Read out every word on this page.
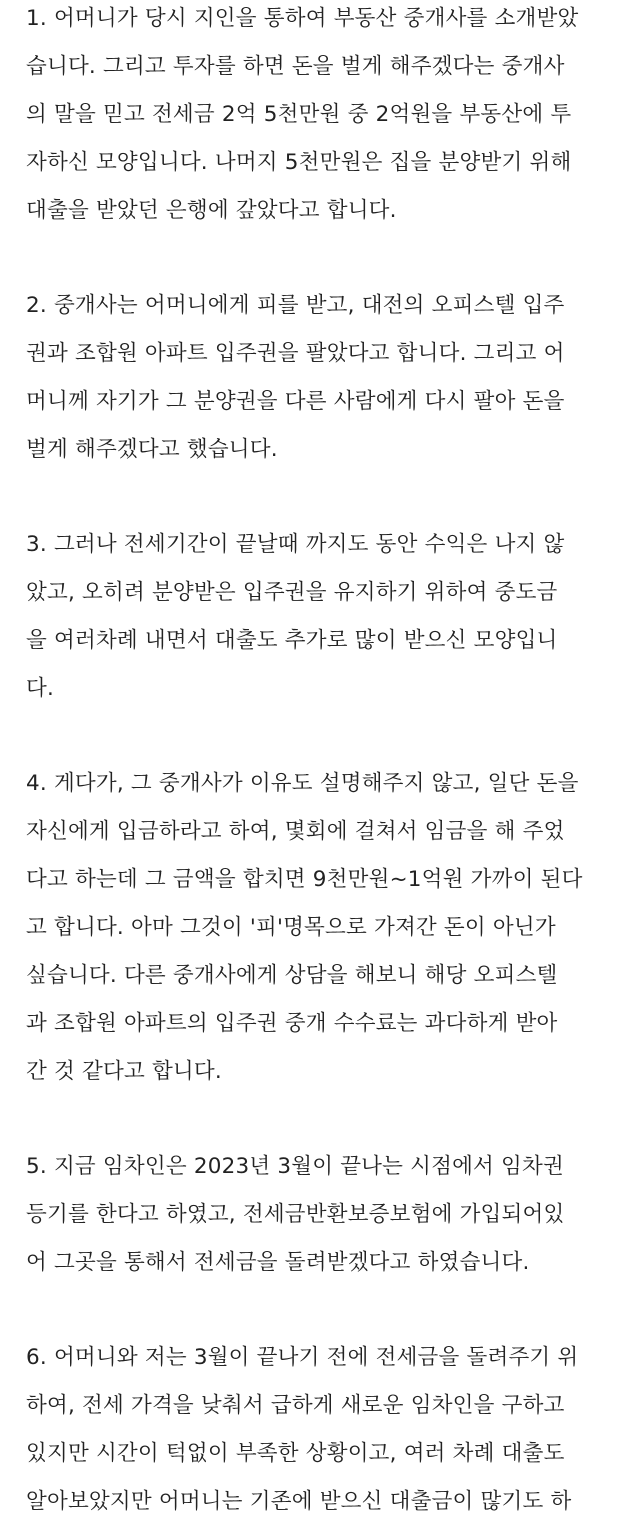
1. 어머니가 당시 지인을 통하여 부동산 중개사를 소개받았
습니다. 그리고 투자를 하면 돈을 벌게 해주겠다는 중개사
의 말을 믿고 전세금 2억 5천만원 중 2억원을 부동산에 투
자하신 모양입니다. 나머지 5천만원은 집을 분양받기 위해
대출을 받았던 은행에 갚았다고 합니다.
2. 중개사는 어머니에게 피를 받고, 대전의 오피스텔 입주
권과 조합원 아파트 입주권을 팔았다고 합니다. 그리고 어
머니께 자기가 그 분양권을 다른 사람에게 다시 팔아 돈을
벌게 해주겠다고 했습니다.
3. 그러나 전세기간이 끝날때 까지도 동안 수익은 나지 않
았고, 오히려 분양받은 입주권을 유지하기 위하여 중도금
을 여러차례 내면서 대출도 추가로 많이 받으신 모양입니
다.
4. 게다가, 그 중개사가 이유도 설명해주지 않고, 일단 돈을
자신에게 입금하라고 하여, 몇회에 걸쳐서 임금을 해 주었
다고 하는데 그 금액을 합치면 9천만원~1억원 가까이 된다
고 합니다. 아마 그것이 '피'명목으로 가져간 돈이 아닌가
싶습니다. 다른 중개사에게 상담을 해보니 해당 오피스텔
과 조합원 아파트의 입주권 중개 수수료는 과다하게 받아
간 것 같다고 합니다.
5. 지금 임차인은 2023년 3월이 끝나는 시점에서 임차권
등기를 한다고 하였고, 전세금반환보증보험에 가입되어있
어 그곳을 통해서 전세금을 돌려받겠다고 하였습니다.
6. 어머니와 저는 3월이 끝나기 전에 전세금을 돌려주기 위
하여, 전세 가격을 낮춰서 급하게 새로운 임차인을 구하고
있지만 시간이 턱없이 부족한 상황이고, 여러 차례 대출도
알아보았지만 어머니는 기존에 받으신 대출금이 많기도 하
